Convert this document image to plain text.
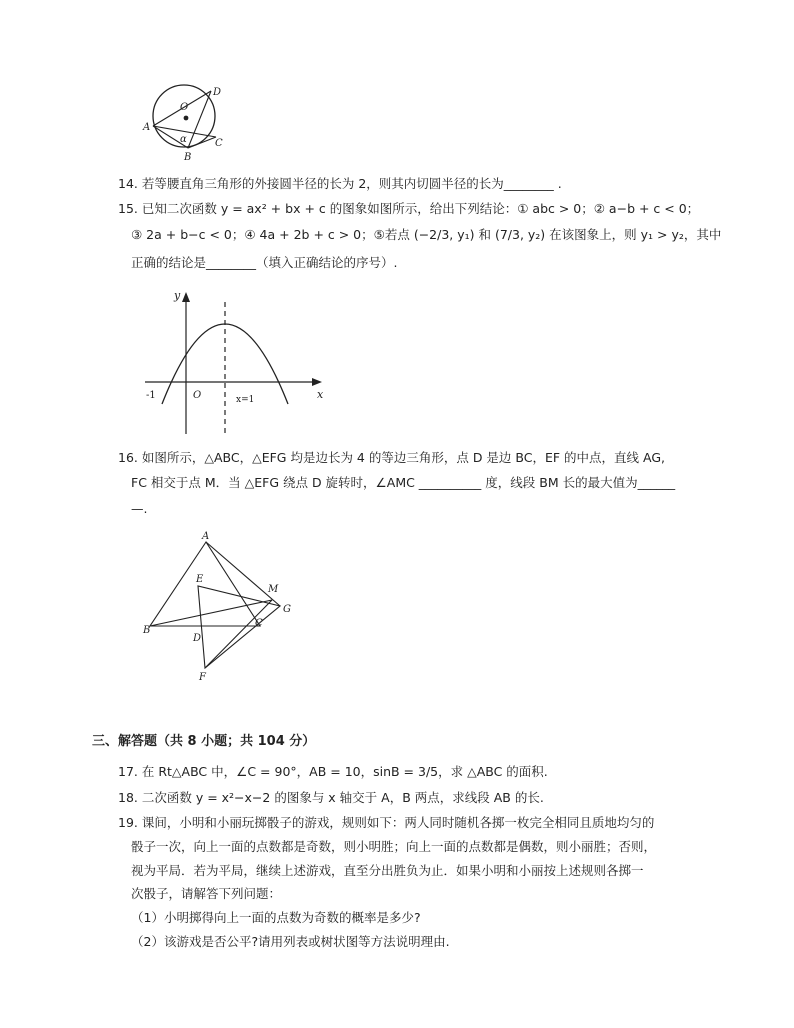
O
D
A
α	C
B
14. 若等腰直角三角形的外接圆半径的长为 2，则其内切圆半径的长为________ .
15. 已知二次函数 y = ax² + bx + c 的图象如图所示，给出下列结论：① abc > 0；② a−b + c < 0；
③ 2a + b−c < 0；④ 4a + 2b + c > 0；⑤若点 (−2/3, y₁) 和 (7/3, y₂) 在该图象上，则 y₁ > y₂，其中
正确的结论是________（填入正确结论的序号）.
y
x
O
-1	x=1
16. 如图所示，△ABC，△EFG 均是边长为 4 的等边三角形，点 D 是边 BC，EF 的中点，直线 AG,
FC 相交于点 M．当 △EFG 绕点 D 旋转时，∠AMC __________ 度，线段 BM 长的最大值为______
—.
A
E
M
G
B
C
D
F
三、解答题（共 8 小题；共 104 分）
17. 在 Rt△ABC 中，∠C = 90°，AB = 10，sinB = 3/5，求 △ABC 的面积.
18. 二次函数 y = x²−x−2 的图象与 x 轴交于 A，B 两点，求线段 AB 的长.
19. 课间，小明和小丽玩掷骰子的游戏，规则如下：两人同时随机各掷一枚完全相同且质地均匀的
骰子一次，向上一面的点数都是奇数，则小明胜；向上一面的点数都是偶数，则小丽胜；否则，
视为平局．若为平局，继续上述游戏，直至分出胜负为止．如果小明和小丽按上述规则各掷一
次骰子，请解答下列问题：
（1）小明掷得向上一面的点数为奇数的概率是多少?
（2）该游戏是否公平?请用列表或树状图等方法说明理由.
